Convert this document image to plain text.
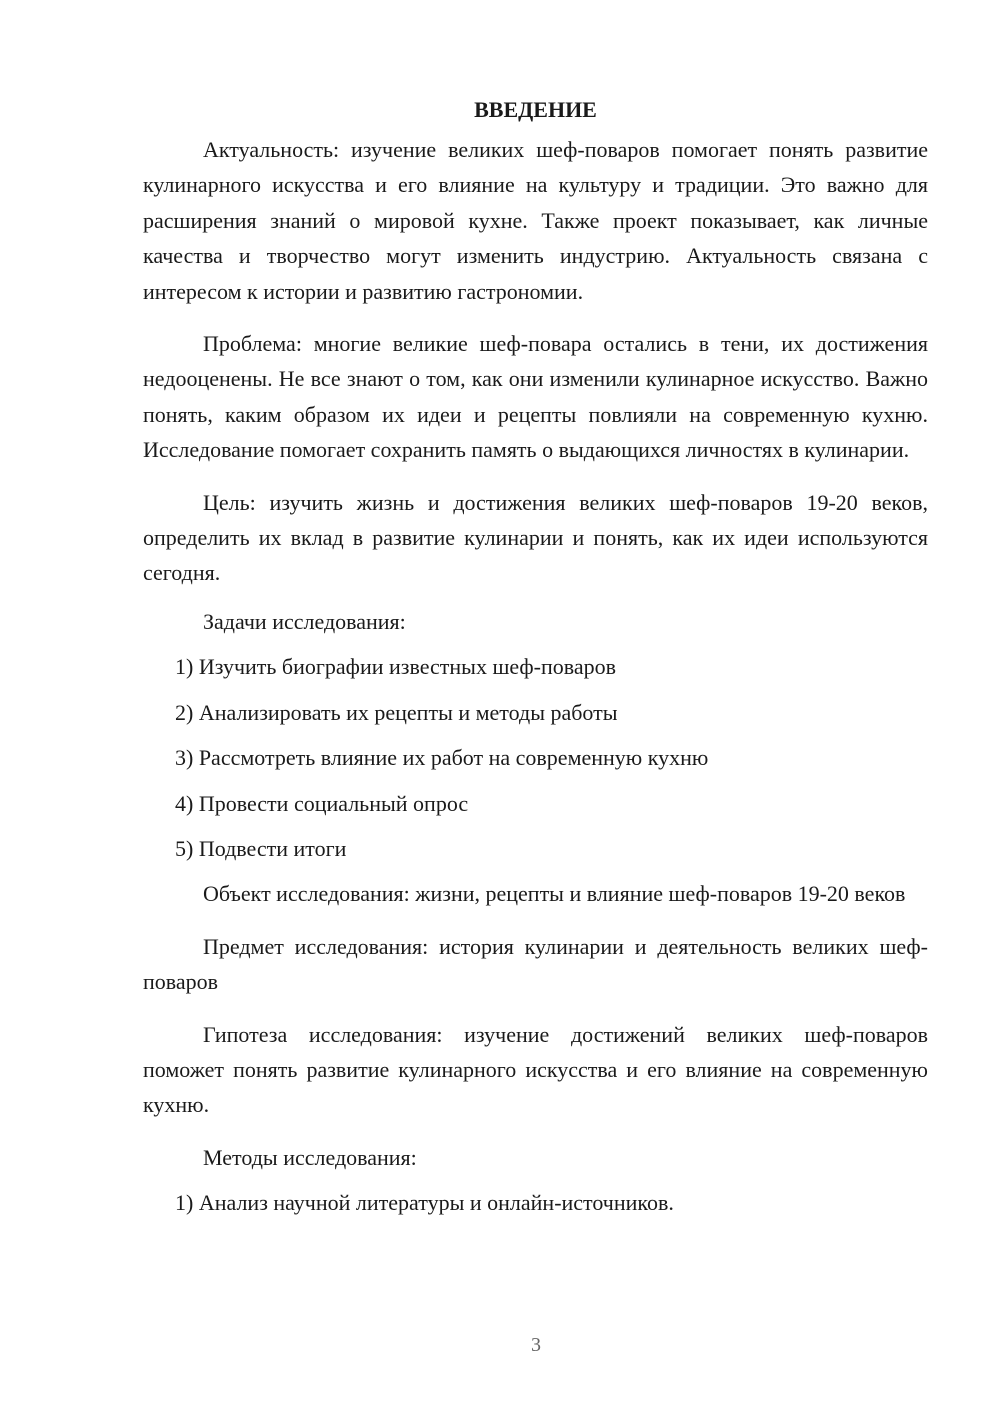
ВВЕДЕНИЕ

Актуальность: изучение великих шеф-поваров помогает понять развитие кулинарного искусства и его влияние на культуру и традиции. Это важно для расширения знаний о мировой кухне. Также проект показывает, как личные качества и творчество могут изменить индустрию. Актуальность связана с интересом к истории и развитию гастрономии.

Проблема: многие великие шеф-повара остались в тени, их достижения недооценены. Не все знают о том, как они изменили кулинарное искусство. Важно понять, каким образом их идеи и рецепты повлияли на современную кухню. Исследование помогает сохранить память о выдающихся личностях в кулинарии.

Цель: изучить жизнь и достижения великих шеф-поваров 19-20 веков, определить их вклад в развитие кулинарии и понять, как их идеи используются сегодня.

Задачи исследования:
1) Изучить биографии известных шеф-поваров
2) Анализировать их рецепты и методы работы
3) Рассмотреть влияние их работ на современную кухню
4) Провести социальный опрос
5) Подвести итоги

Объект исследования: жизни, рецепты и влияние шеф-поваров 19-20 веков

Предмет исследования: история кулинарии и деятельность великих шеф-поваров

Гипотеза исследования: изучение достижений великих шеф-поваров поможет понять развитие кулинарного искусства и его влияние на современную кухню.

Методы исследования:
1) Анализ научной литературы и онлайн-источников.
3
